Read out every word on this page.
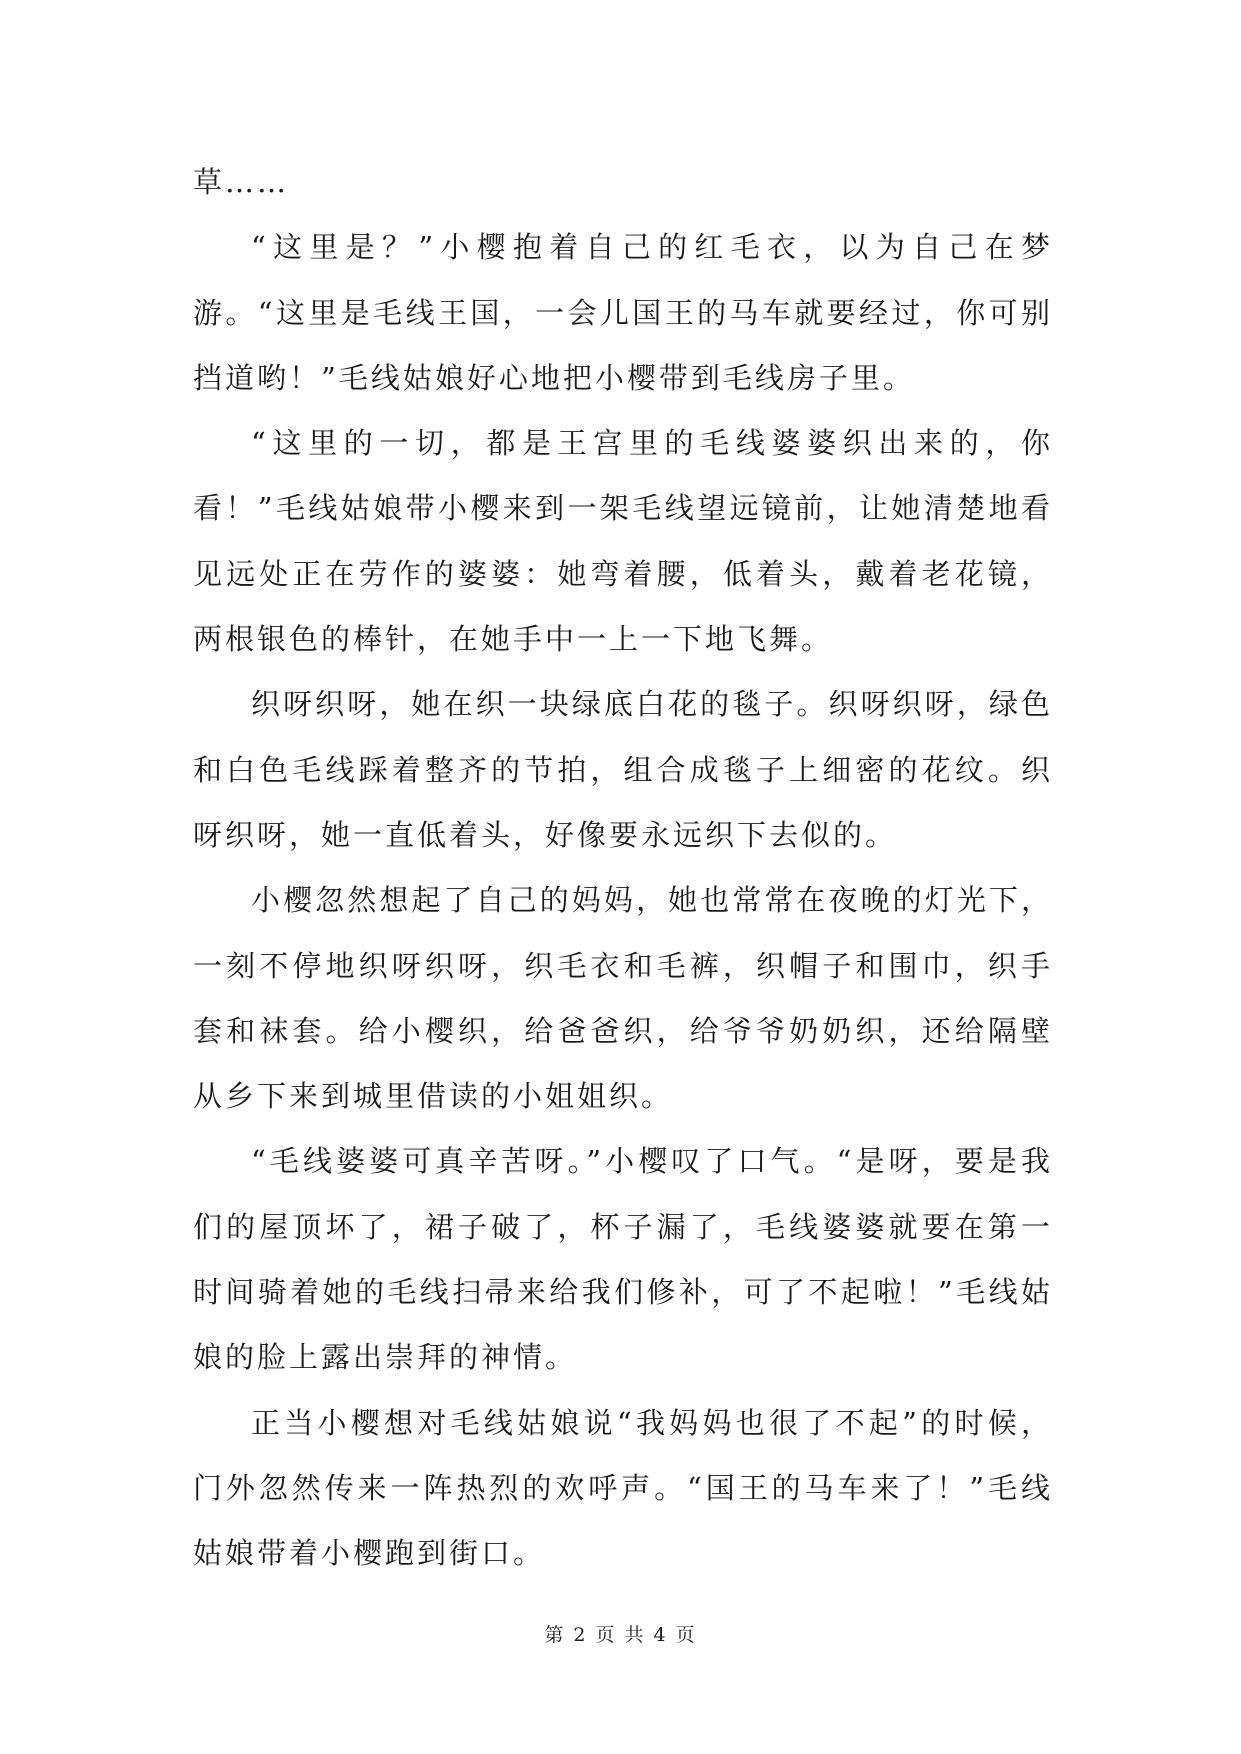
草……

“这里是？”小樱抱着自己的红毛衣，以为自己在梦游。“这里是毛线王国，一会儿国王的马车就要经过，你可别挡道哟！”毛线姑娘好心地把小樱带到毛线房子里。

“这里的一切，都是王宫里的毛线婆婆织出来的，你看！”毛线姑娘带小樱来到一架毛线望远镜前，让她清楚地看见远处正在劳作的婆婆：她弯着腰，低着头，戴着老花镜，两根银色的棒针，在她手中一上一下地飞舞。

织呀织呀，她在织一块绿底白花的毯子。织呀织呀，绿色和白色毛线踩着整齐的节拍，组合成毯子上细密的花纹。织呀织呀，她一直低着头，好像要永远织下去似的。

小樱忽然想起了自己的妈妈，她也常常在夜晚的灯光下，一刻不停地织呀织呀，织毛衣和毛裤，织帽子和围巾，织手套和袜套。给小樱织，给爸爸织，给爷爷奶奶织，还给隔壁从乡下来到城里借读的小姐姐织。

“毛线婆婆可真辛苦呀。”小樱叹了口气。“是呀，要是我们的屋顶坏了，裙子破了，杯子漏了，毛线婆婆就要在第一时间骑着她的毛线扫帚来给我们修补，可了不起啦！”毛线姑娘的脸上露出崇拜的神情。

正当小樱想对毛线姑娘说“我妈妈也很了不起”的时候，门外忽然传来一阵热烈的欢呼声。“国王的马车来了！”毛线姑娘带着小樱跑到街口。

第 2 页 共 4 页
